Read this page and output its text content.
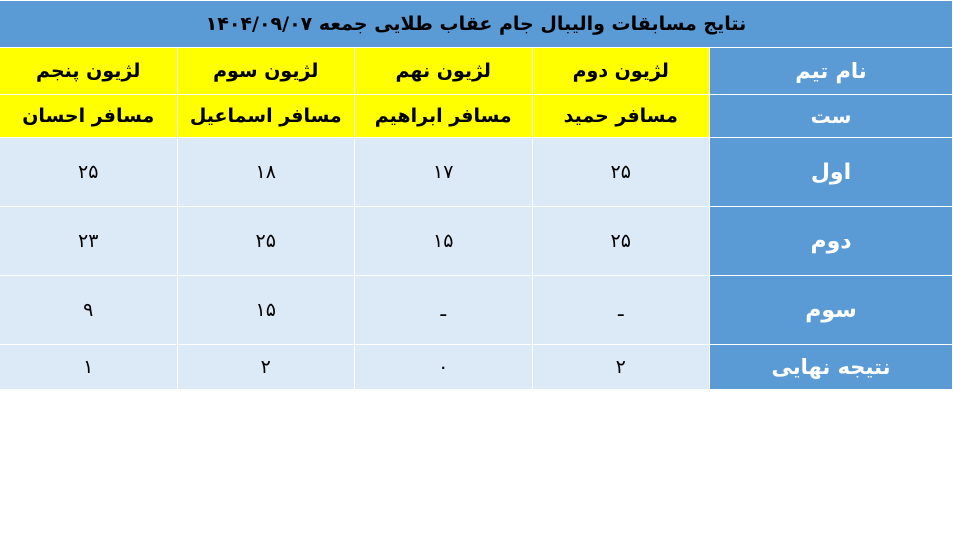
نتایج مسابقات والیبال جام عقاب طلایی جمعه ۱۴۰۴/۰۹/۰۷				
نام تیم	لژیون دوم	لژیون نهم	لژیون سوم	لژیون پنجم
ست	مسافر حمید	مسافر ابراهیم	مسافر اسماعیل	مسافر احسان
اول	۲۵	۱۷	۱۸	۲۵
دوم	۲۵	۱۵	۲۵	۲۳
سوم	ـ	ـ	۱۵	۹
نتیجه نهایی	۲	۰	۲	۱
